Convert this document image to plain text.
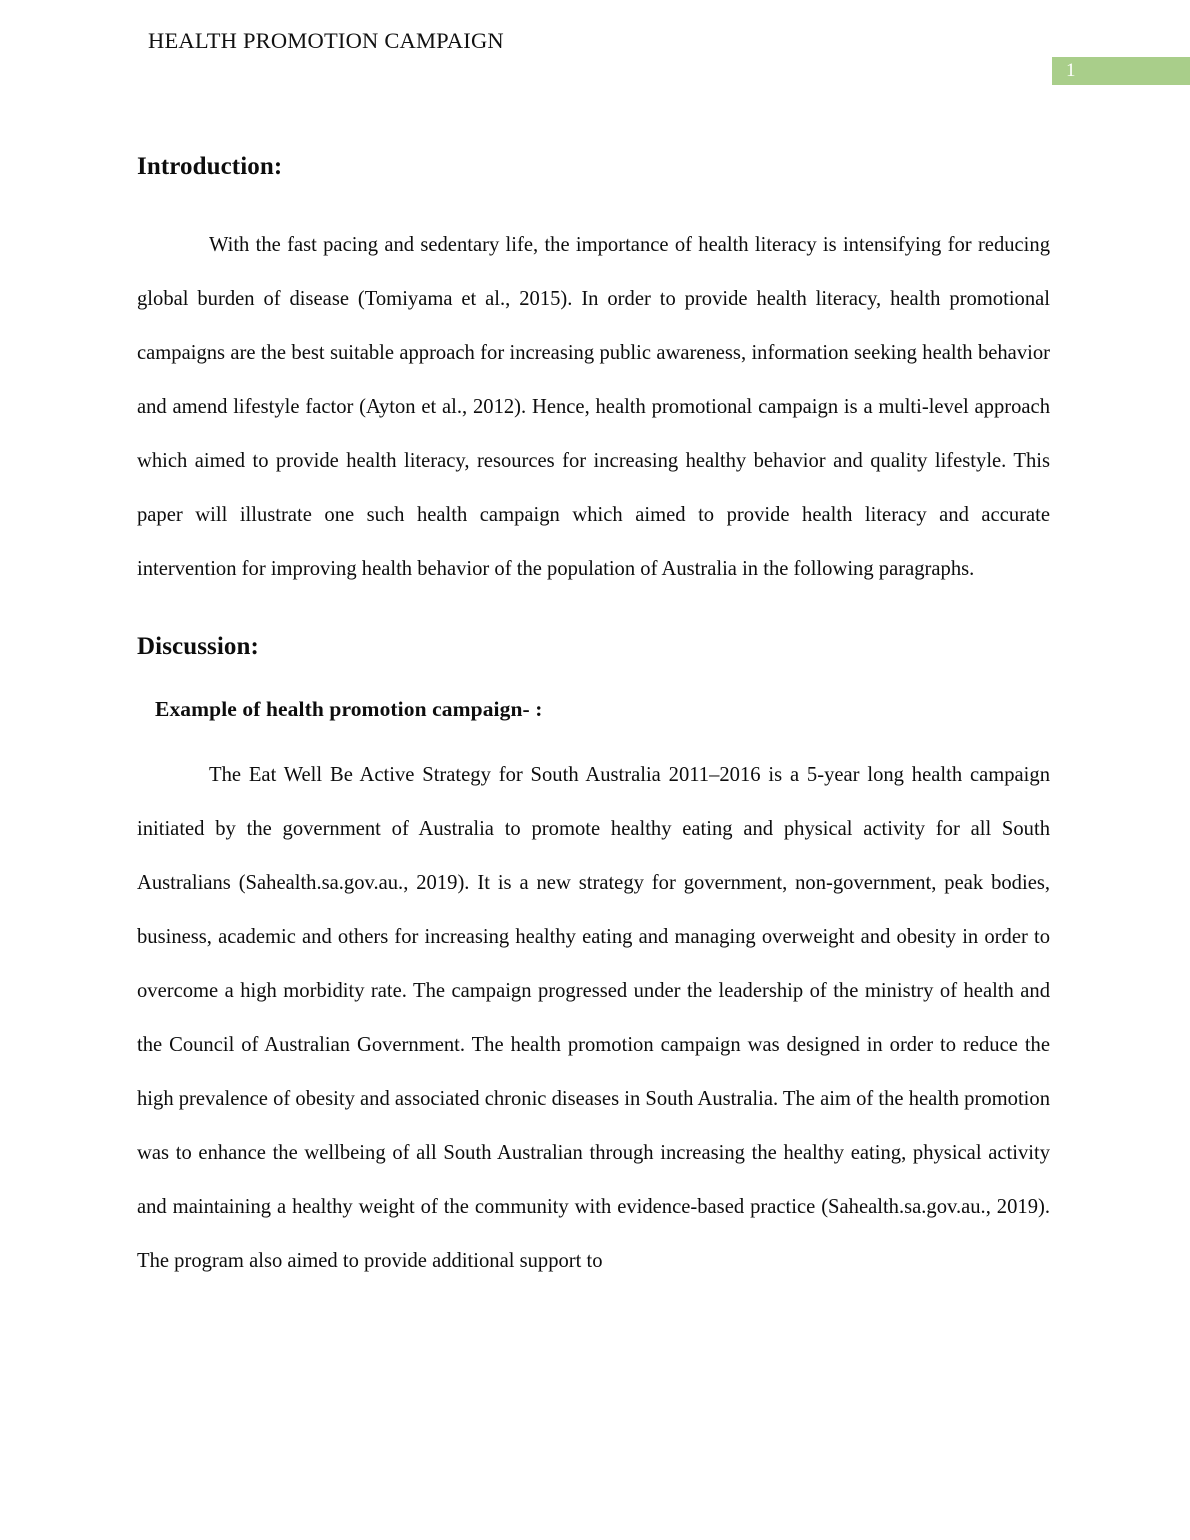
HEALTH PROMOTION CAMPAIGN
1
Introduction:

With the fast pacing and sedentary life, the importance of health literacy is intensifying for reducing global burden of disease (Tomiyama et al., 2015). In order to provide health literacy, health promotional campaigns are the best suitable approach for increasing public awareness, information seeking health behavior and amend lifestyle factor (Ayton et al., 2012). Hence, health promotional campaign is a multi-level approach which aimed to provide health literacy, resources for increasing healthy behavior and quality lifestyle. This paper will illustrate one such health campaign which aimed to provide health literacy and accurate intervention for improving health behavior of the population of Australia in the following paragraphs.

Discussion:
Example of health promotion campaign- :

The Eat Well Be Active Strategy for South Australia 2011–2016 is a 5-year long health campaign initiated by the government of Australia to promote healthy eating and physical activity for all South Australians (Sahealth.sa.gov.au., 2019). It is a new strategy for government, non-government, peak bodies, business, academic and others for increasing healthy eating and managing overweight and obesity in order to overcome a high morbidity rate. The campaign progressed under the leadership of the ministry of health and the Council of Australian Government. The health promotion campaign was designed in order to reduce the high prevalence of obesity and associated chronic diseases in South Australia. The aim of the health promotion was to enhance the wellbeing of all South Australian through increasing the healthy eating, physical activity and maintaining a healthy weight of the community with evidence-based practice (Sahealth.sa.gov.au., 2019). The program also aimed to provide additional support to
